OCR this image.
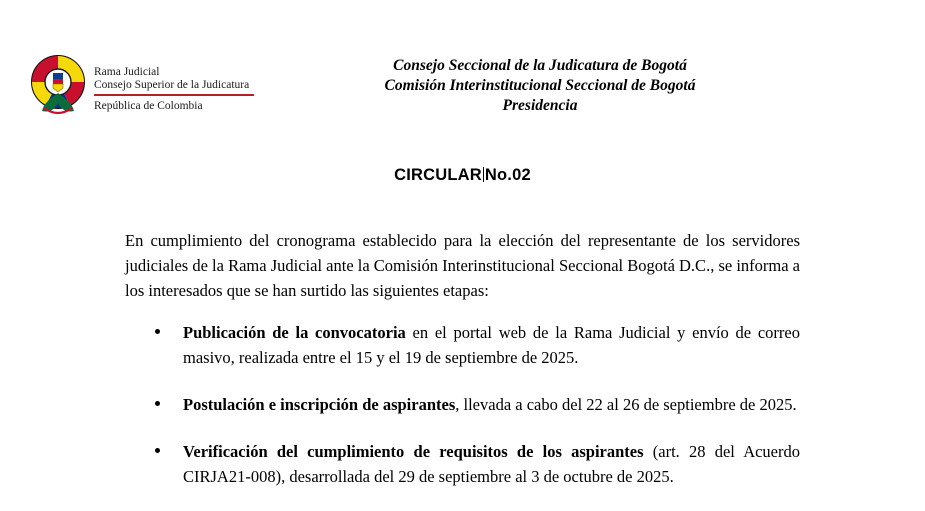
Rama Judicial
Consejo Superior de la Judicatura
República de Colombia
Consejo Seccional de la Judicatura de Bogotá
Comisión Interinstitucional Seccional de Bogotá
Presidencia
CIRCULAR No.02
En cumplimiento del cronograma establecido para la elección del representante de los servidores judiciales de la Rama Judicial ante la Comisión Interinstitucional Seccional Bogotá D.C., se informa a los interesados que se han surtido las siguientes etapas:
Publicación de la convocatoria en el portal web de la Rama Judicial y envío de correo masivo, realizada entre el 15 y el 19 de septiembre de 2025.
Postulación e inscripción de aspirantes, llevada a cabo del 22 al 26 de septiembre de 2025.
Verificación del cumplimiento de requisitos de los aspirantes (art. 28 del Acuerdo CIRJA21-008), desarrollada del 29 de septiembre al 3 de octubre de 2025.
